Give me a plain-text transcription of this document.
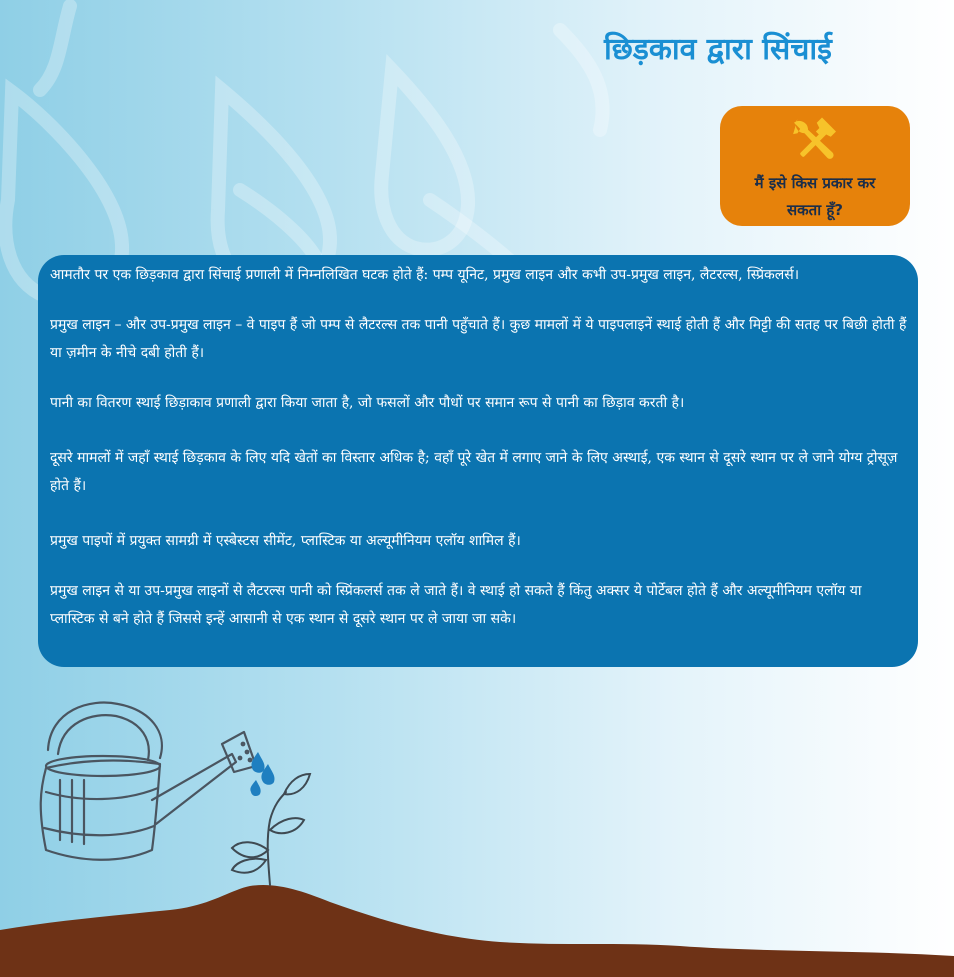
छिड़काव द्वारा सिंचाई
मैं इसे किस प्रकार कर सकता हूँ?

आमतौर पर एक छिड़काव द्वारा सिंचाई प्रणाली में निम्नलिखित घटक होते हैं: पम्प यूनिट, प्रमुख लाइन और कभी उप-प्रमुख लाइन, लैटरल्स, स्प्रिंकलर्स।

प्रमुख लाइन – और उप-प्रमुख लाइन – वे पाइप हैं जो पम्प से लैटरल्स तक पानी पहुँचाते हैं। कुछ मामलों में ये पाइपलाइनें स्थाई होती हैं और मिट्टी की सतह पर बिछी होती हैं या ज़मीन के नीचे दबी होती हैं।

पानी का वितरण स्थाई छिड़ाकाव प्रणाली द्वारा किया जाता है, जो फसलों और पौधों पर समान रूप से पानी का छिड़ाव करती है।

दूसरे मामलों में जहाँ स्थाई छिड़काव के लिए यदि खेतों का विस्तार अधिक है; वहाँ पूरे खेत में लगाए जाने के लिए अस्थाई, एक स्थान से दूसरे स्थान पर ले जाने योग्य ट्रोसूज़ होते हैं।

प्रमुख पाइपों में प्रयुक्त सामग्री में एस्बेस्टस सीमेंट, प्लास्टिक या अल्यूमीनियम एलॉय शामिल हैं।

प्रमुख लाइन से या उप-प्रमुख लाइनों से लैटरल्स पानी को स्प्रिंकलर्स तक ले जाते हैं। वे स्थाई हो सकते हैं किंतु अक्सर ये पोर्टेबल होते हैं और अल्यूमीनियम एलॉय या प्लास्टिक से बने होते हैं जिससे इन्हें आसानी से एक स्थान से दूसरे स्थान पर ले जाया जा सके।
